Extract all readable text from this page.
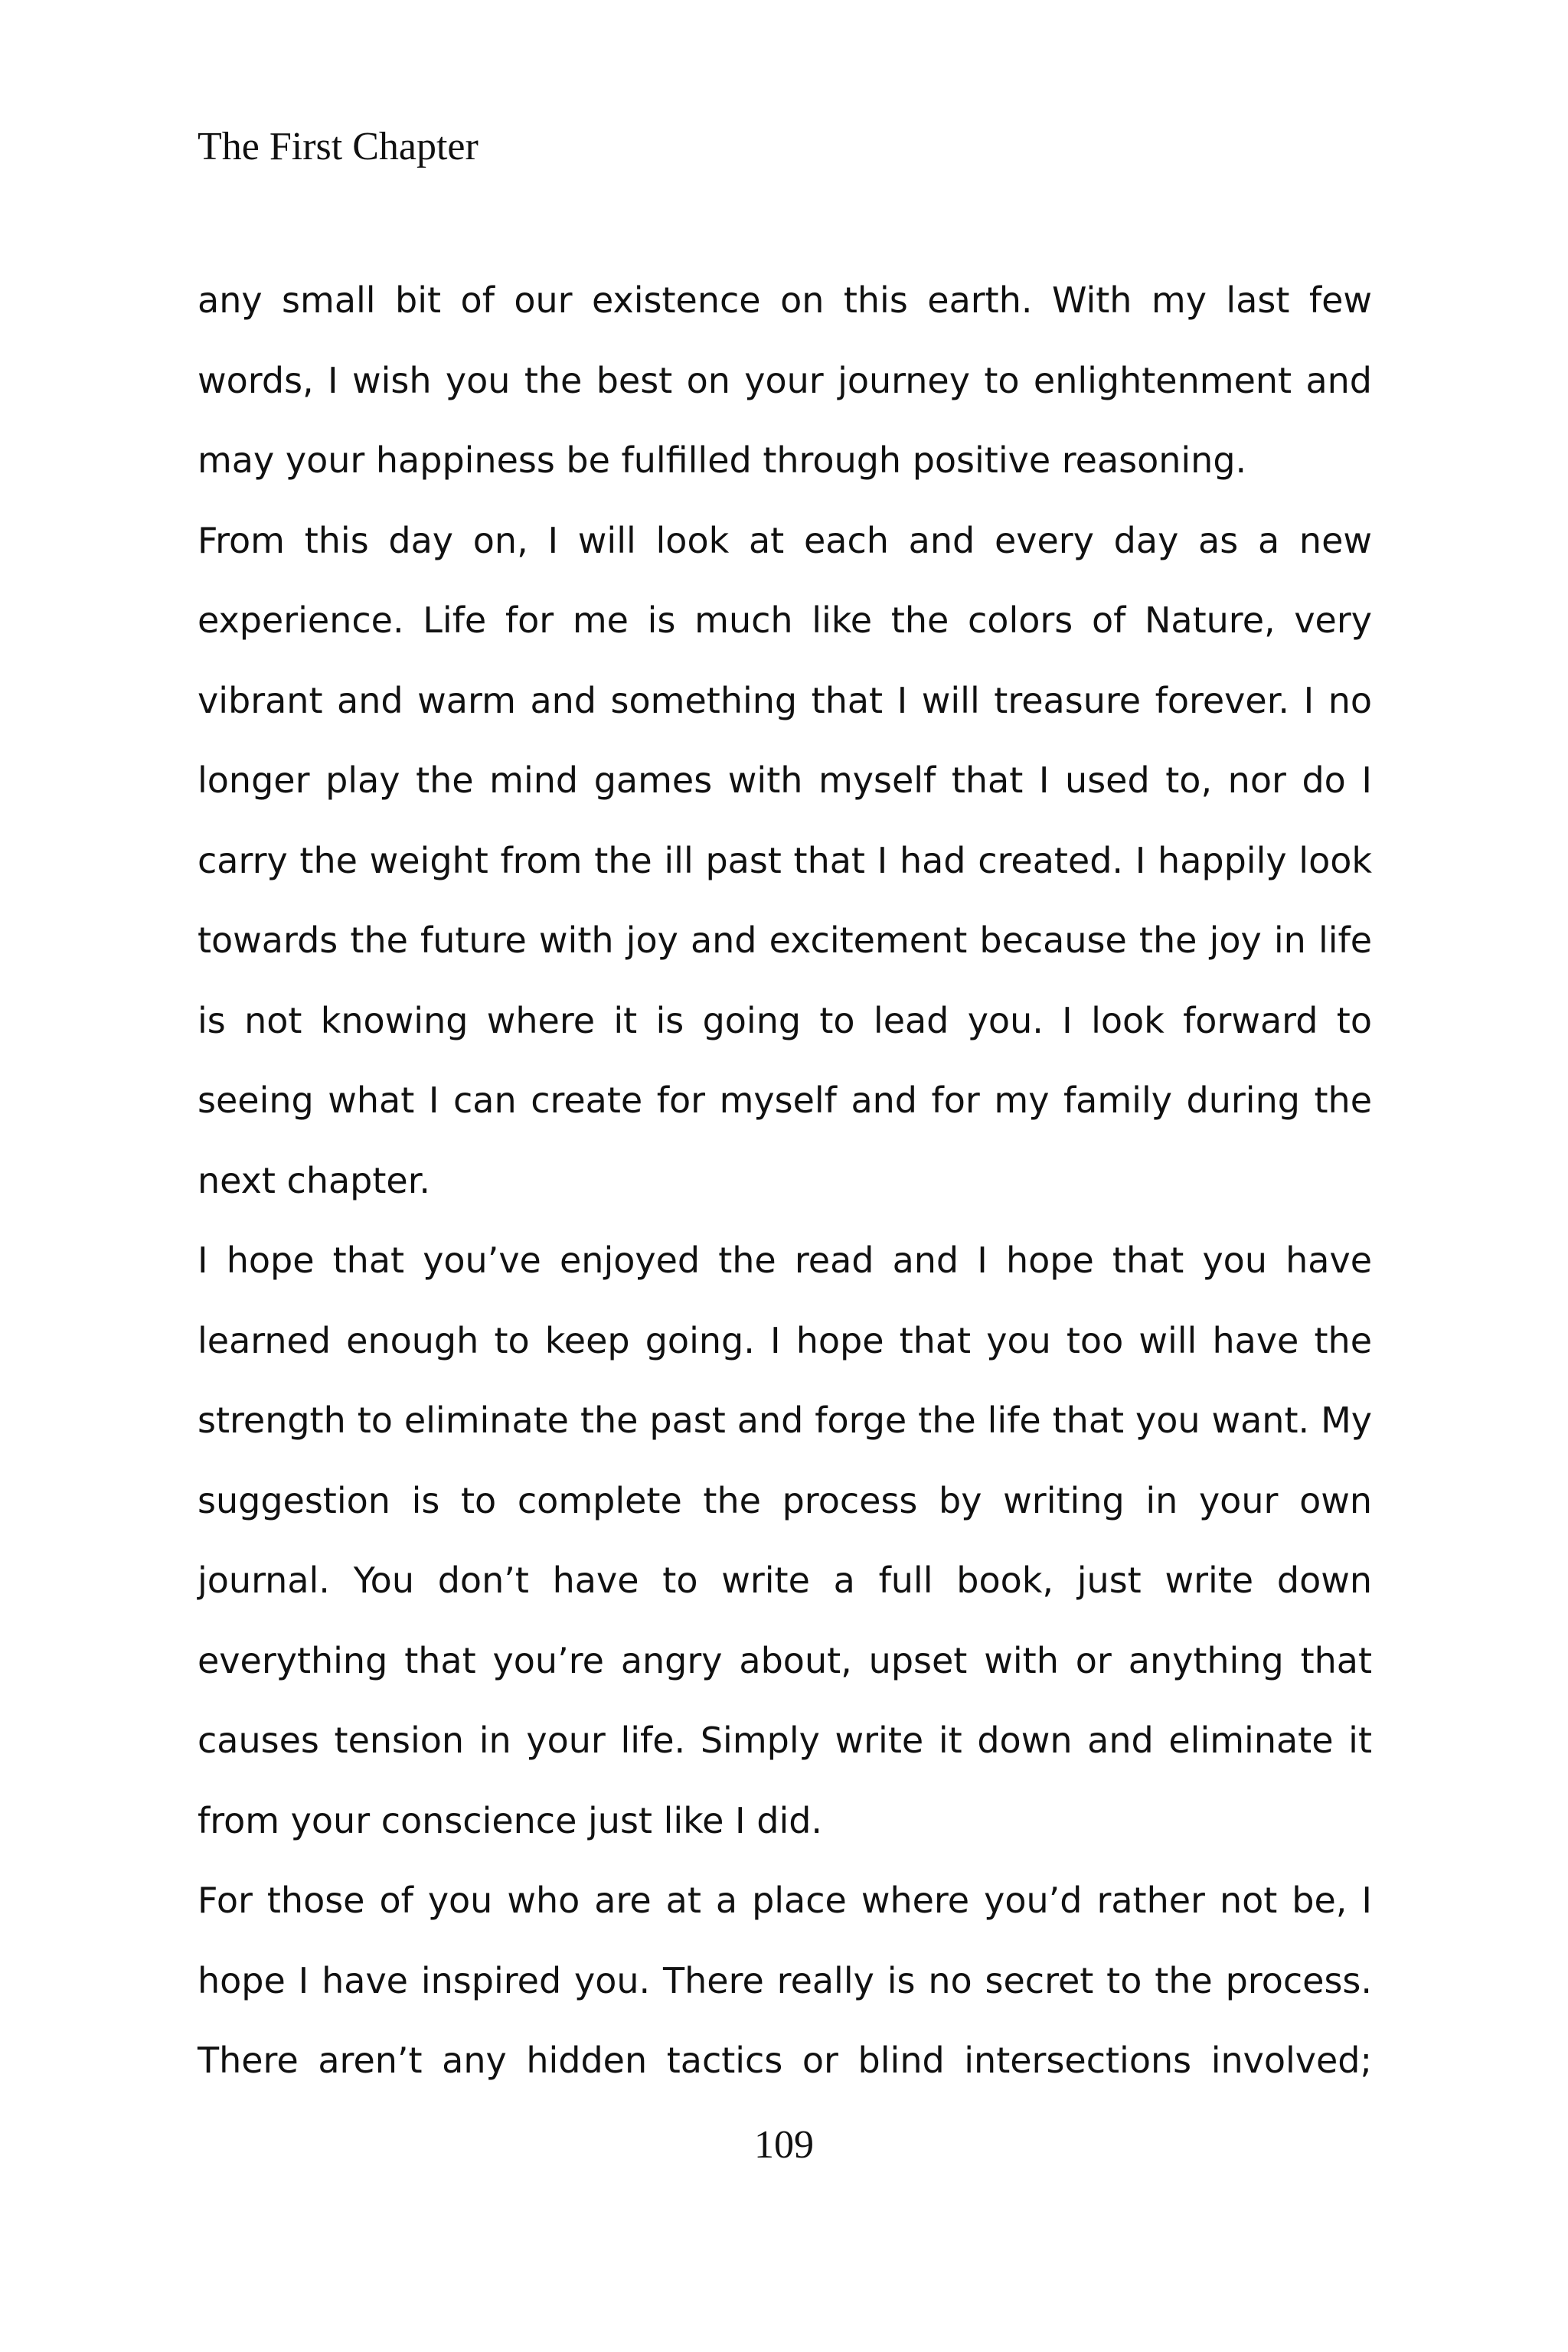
The First Chapter

any small bit of our existence on this earth. With my last few words, I wish you the best on your journey to enlightenment and may your happiness be fulfilled through positive reasoning.

From this day on, I will look at each and every day as a new experience. Life for me is much like the colors of Nature, very vibrant and warm and something that I will treasure forever. I no longer play the mind games with myself that I used to, nor do I carry the weight from the ill past that I had created. I happily look towards the future with joy and excitement because the joy in life is not knowing where it is going to lead you. I look forward to seeing what I can create for myself and for my family during the next chapter.

I hope that you’ve enjoyed the read and I hope that you have learned enough to keep going. I hope that you too will have the strength to eliminate the past and forge the life that you want. My suggestion is to complete the process by writing in your own journal. You don’t have to write a full book, just write down everything that you’re angry about, upset with or anything that causes tension in your life. Simply write it down and eliminate it from your conscience just like I did.

For those of you who are at a place where you’d rather not be, I hope I have inspired you. There really is no secret to the process. There aren’t any hidden tactics or blind intersections involved;

109
